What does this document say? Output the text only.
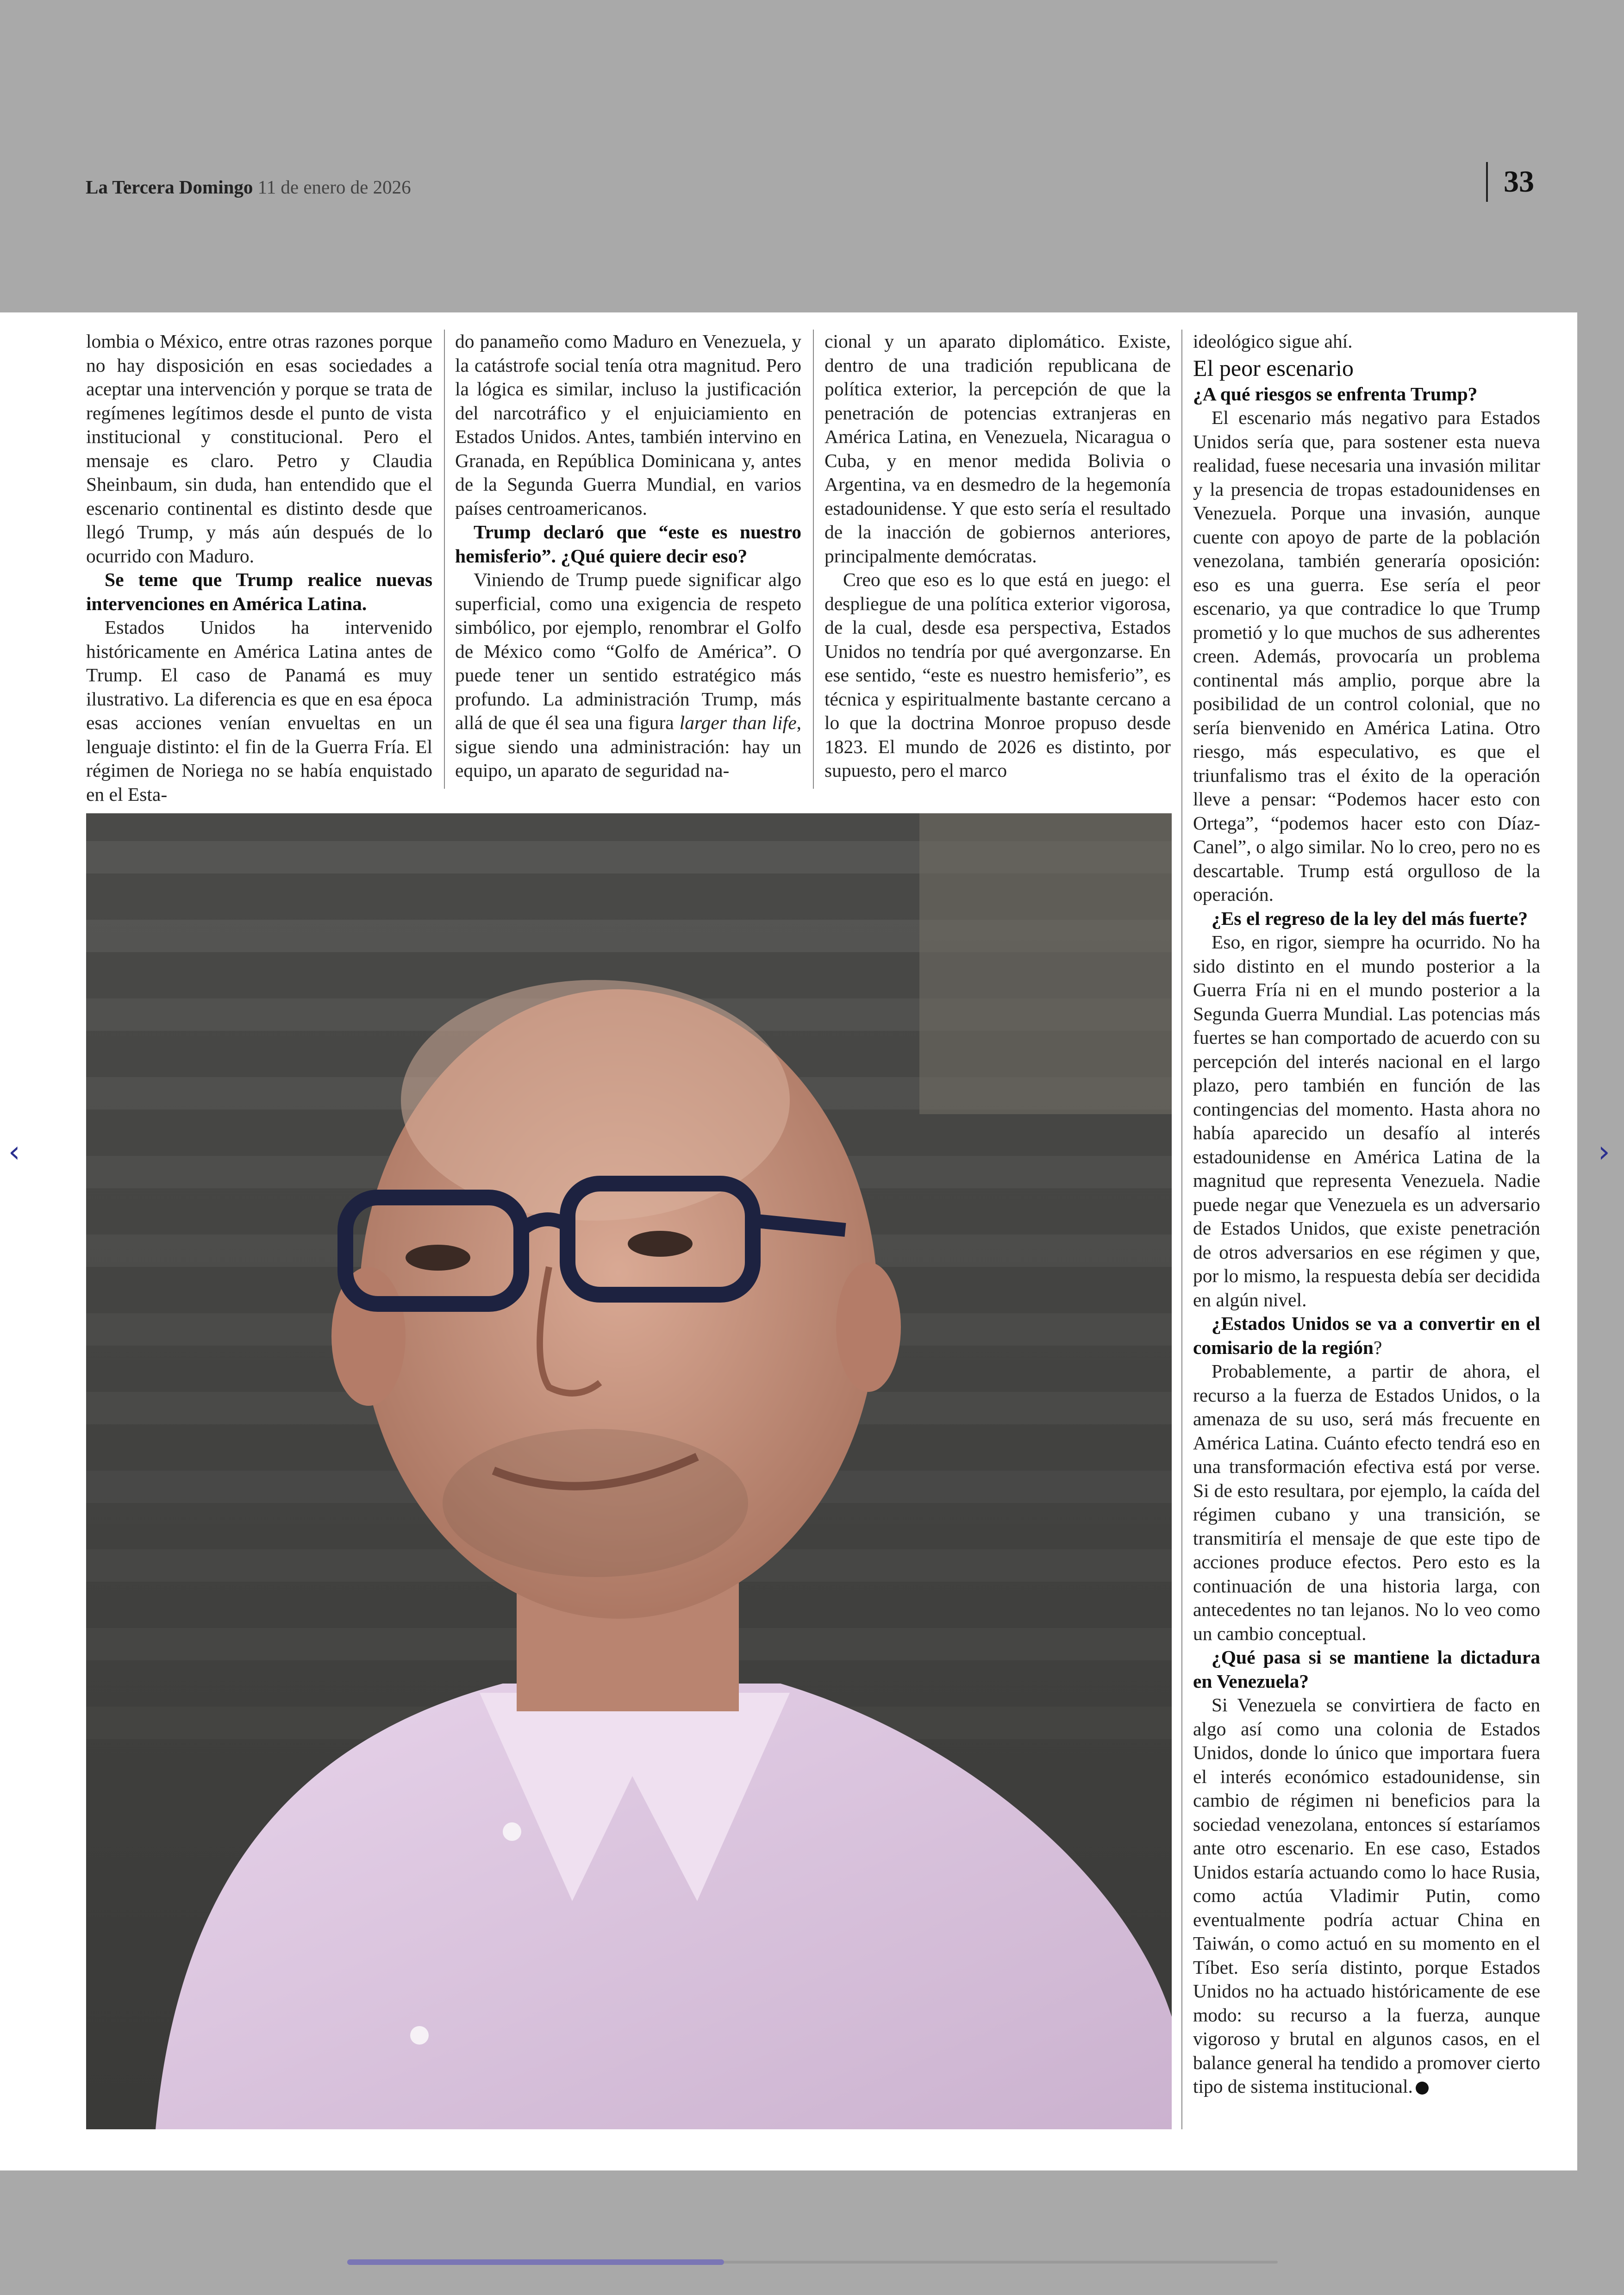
La Tercera Domingo 11 de enero de 2026	33

lombia o México, entre otras razones porque no hay disposición en esas sociedades a aceptar una intervención y porque se trata de regímenes legítimos desde el punto de vista institucional y constitucional. Pero el mensaje es claro. Petro y Claudia Sheinbaum, sin duda, han entendido que el escenario continental es distinto desde que llegó Trump, y más aún después de lo ocurrido con Maduro.

Se teme que Trump realice nuevas intervenciones en América Latina.

Estados Unidos ha intervenido históricamente en América Latina antes de Trump. El caso de Panamá es muy ilustrativo. La diferencia es que en esa época esas acciones venían envueltas en un lenguaje distinto: el fin de la Guerra Fría. El régimen de Noriega no se había enquistado en el Esta-

do panameño como Maduro en Venezuela, y la catástrofe social tenía otra magnitud. Pero la lógica es similar, incluso la justificación del narcotráfico y el enjuiciamiento en Estados Unidos. Antes, también intervino en Granada, en República Dominicana y, antes de la Segunda Guerra Mundial, en varios países centroamericanos.

Trump declaró que “este es nuestro hemisferio”. ¿Qué quiere decir eso?

Viniendo de Trump puede significar algo superficial, como una exigencia de respeto simbólico, por ejemplo, renombrar el Golfo de México como “Golfo de América”. O puede tener un sentido estratégico más profundo. La administración Trump, más allá de que él sea una figura larger than life, sigue siendo una administración: hay un equipo, un aparato de seguridad na-

cional y un aparato diplomático. Existe, dentro de una tradición republicana de política exterior, la percepción de que la penetración de potencias extranjeras en América Latina, en Venezuela, Nicaragua o Cuba, y en menor medida Bolivia o Argentina, va en desmedro de la hegemonía estadounidense. Y que esto sería el resultado de la inacción de gobiernos anteriores, principalmente demócratas.

Creo que eso es lo que está en juego: el despliegue de una política exterior vigorosa, de la cual, desde esa perspectiva, Estados Unidos no tendría por qué avergonzarse. En ese sentido, “este es nuestro hemisferio”, es técnica y espiritualmente bastante cercano a lo que la doctrina Monroe propuso desde 1823. El mundo de 2026 es distinto, por supuesto, pero el marco

ideológico sigue ahí.

El peor escenario

¿A qué riesgos se enfrenta Trump?

El escenario más negativo para Estados Unidos sería que, para sostener esta nueva realidad, fuese necesaria una invasión militar y la presencia de tropas estadounidenses en Venezuela. Porque una invasión, aunque cuente con apoyo de parte de la población venezolana, también generaría oposición: eso es una guerra. Ese sería el peor escenario, ya que contradice lo que Trump prometió y lo que muchos de sus adherentes creen. Además, provocaría un problema continental más amplio, porque abre la posibilidad de un control colonial, que no sería bienvenido en América Latina. Otro riesgo, más especulativo, es que el triunfalismo tras el éxito de la operación lleve a pensar: “Podemos hacer esto con Ortega”, “podemos hacer esto con Díaz-Canel”, o algo similar. No lo creo, pero no es descartable. Trump está orgulloso de la operación.

¿Es el regreso de la ley del más fuerte?

Eso, en rigor, siempre ha ocurrido. No ha sido distinto en el mundo posterior a la Guerra Fría ni en el mundo posterior a la Segunda Guerra Mundial. Las potencias más fuertes se han comportado de acuerdo con su percepción del interés nacional en el largo plazo, pero también en función de las contingencias del momento. Hasta ahora no había aparecido un desafío al interés estadounidense en América Latina de la magnitud que representa Venezuela. Nadie puede negar que Venezuela es un adversario de Estados Unidos, que existe penetración de otros adversarios en ese régimen y que, por lo mismo, la respuesta debía ser decidida en algún nivel.

¿Estados Unidos se va a convertir en el comisario de la región?

Probablemente, a partir de ahora, el recurso a la fuerza de Estados Unidos, o la amenaza de su uso, será más frecuente en América Latina. Cuánto efecto tendrá eso en una transformación efectiva está por verse. Si de esto resultara, por ejemplo, la caída del régimen cubano y una transición, se transmitiría el mensaje de que este tipo de acciones produce efectos. Pero esto es la continuación de una historia larga, con antecedentes no tan lejanos. No lo veo como un cambio conceptual.

¿Qué pasa si se mantiene la dictadura en Venezuela?

Si Venezuela se convirtiera de facto en algo así como una colonia de Estados Unidos, donde lo único que importara fuera el interés económico estadounidense, sin cambio de régimen ni beneficios para la sociedad venezolana, entonces sí estaríamos ante otro escenario. En ese caso, Estados Unidos estaría actuando como lo hace Rusia, como actúa Vladimir Putin, como eventualmente podría actuar China en Taiwán, o como actuó en su momento en el Tíbet. Eso sería distinto, porque Estados Unidos no ha actuado históricamente de ese modo: su recurso a la fuerza, aunque vigoroso y brutal en algunos casos, en el balance general ha tendido a promover cierto tipo de sistema institucional.

‹	›
